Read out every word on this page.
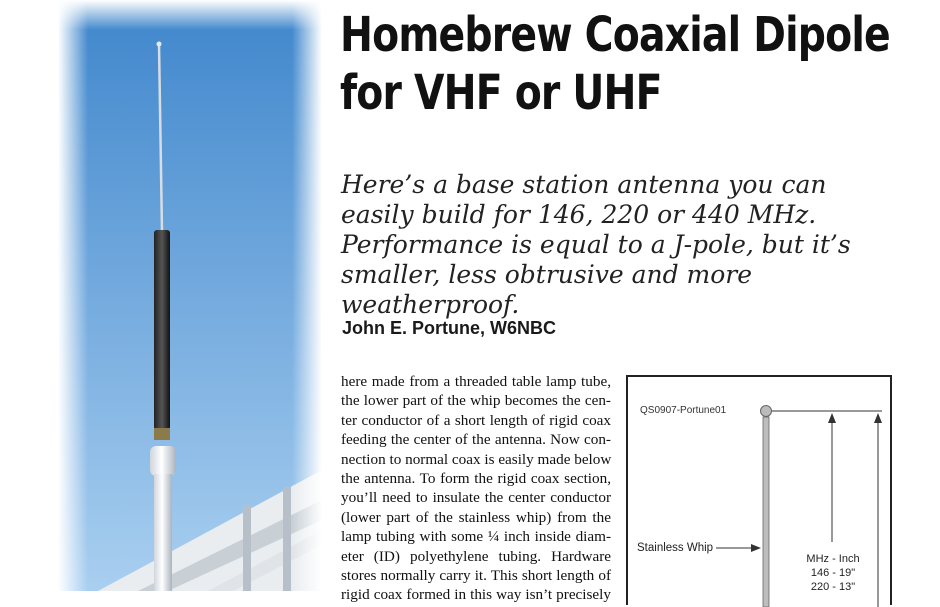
Homebrew Coaxial Dipole
for VHF or UHF
Here’s a base station antenna you can easily build for 146, 220 or 440 MHz. Performance is equal to a J-pole, but it’s smaller, less obtrusive and more weatherproof.
John E. Portune, W6NBC
here made from a threaded table lamp tube,
the lower part of the whip becomes the cen-
ter conductor of a short length of rigid coax
feeding the center of the antenna. Now con-
nection to normal coax is easily made below
the antenna. To form the rigid coax section,
you’ll need to insulate the center conductor
(lower part of the stainless whip) from the
lamp tubing with some ¼ inch inside diam-
eter (ID) polyethylene tubing. Hardware
stores normally carry it. This short length of
rigid coax formed in this way isn’t precisely
QS0907-Portune01
Stainless Whip
MHz - Inch
146 - 19"
220 - 13"
